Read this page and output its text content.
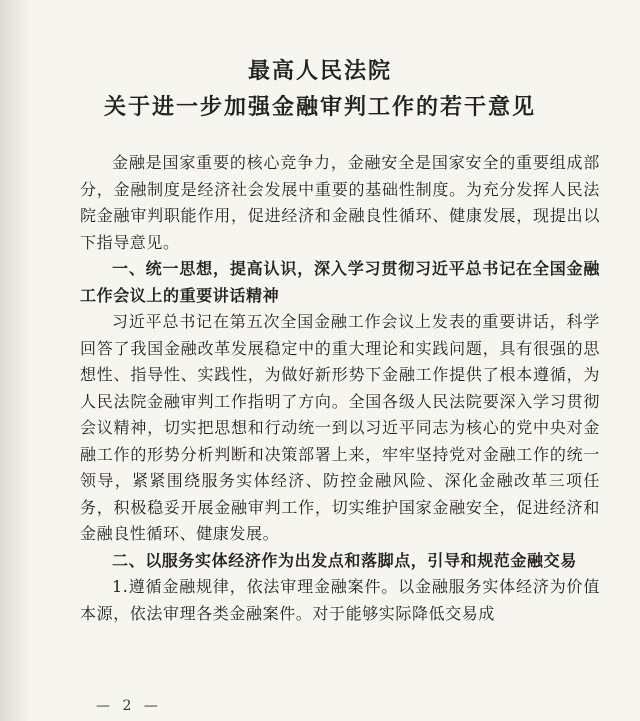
最高人民法院
关于进一步加强金融审判工作的若干意见

金融是国家重要的核心竞争力，金融安全是国家安全的重要组成部分，金融制度是经济社会发展中重要的基础性制度。为充分发挥人民法院金融审判职能作用，促进经济和金融良性循环、健康发展，现提出以下指导意见。

一、统一思想，提高认识，深入学习贯彻习近平总书记在全国金融工作会议上的重要讲话精神

习近平总书记在第五次全国金融工作会议上发表的重要讲话，科学回答了我国金融改革发展稳定中的重大理论和实践问题，具有很强的思想性、指导性、实践性，为做好新形势下金融工作提供了根本遵循，为人民法院金融审判工作指明了方向。全国各级人民法院要深入学习贯彻会议精神，切实把思想和行动统一到以习近平同志为核心的党中央对金融工作的形势分析判断和决策部署上来，牢牢坚持党对金融工作的统一领导，紧紧围绕服务实体经济、防控金融风险、深化金融改革三项任务，积极稳妥开展金融审判工作，切实维护国家金融安全，促进经济和金融良性循环、健康发展。

二、以服务实体经济作为出发点和落脚点，引导和规范金融交易

1.遵循金融规律，依法审理金融案件。以金融服务实体经济为价值本源，依法审理各类金融案件。对于能够实际降低交易成

— 2 —
